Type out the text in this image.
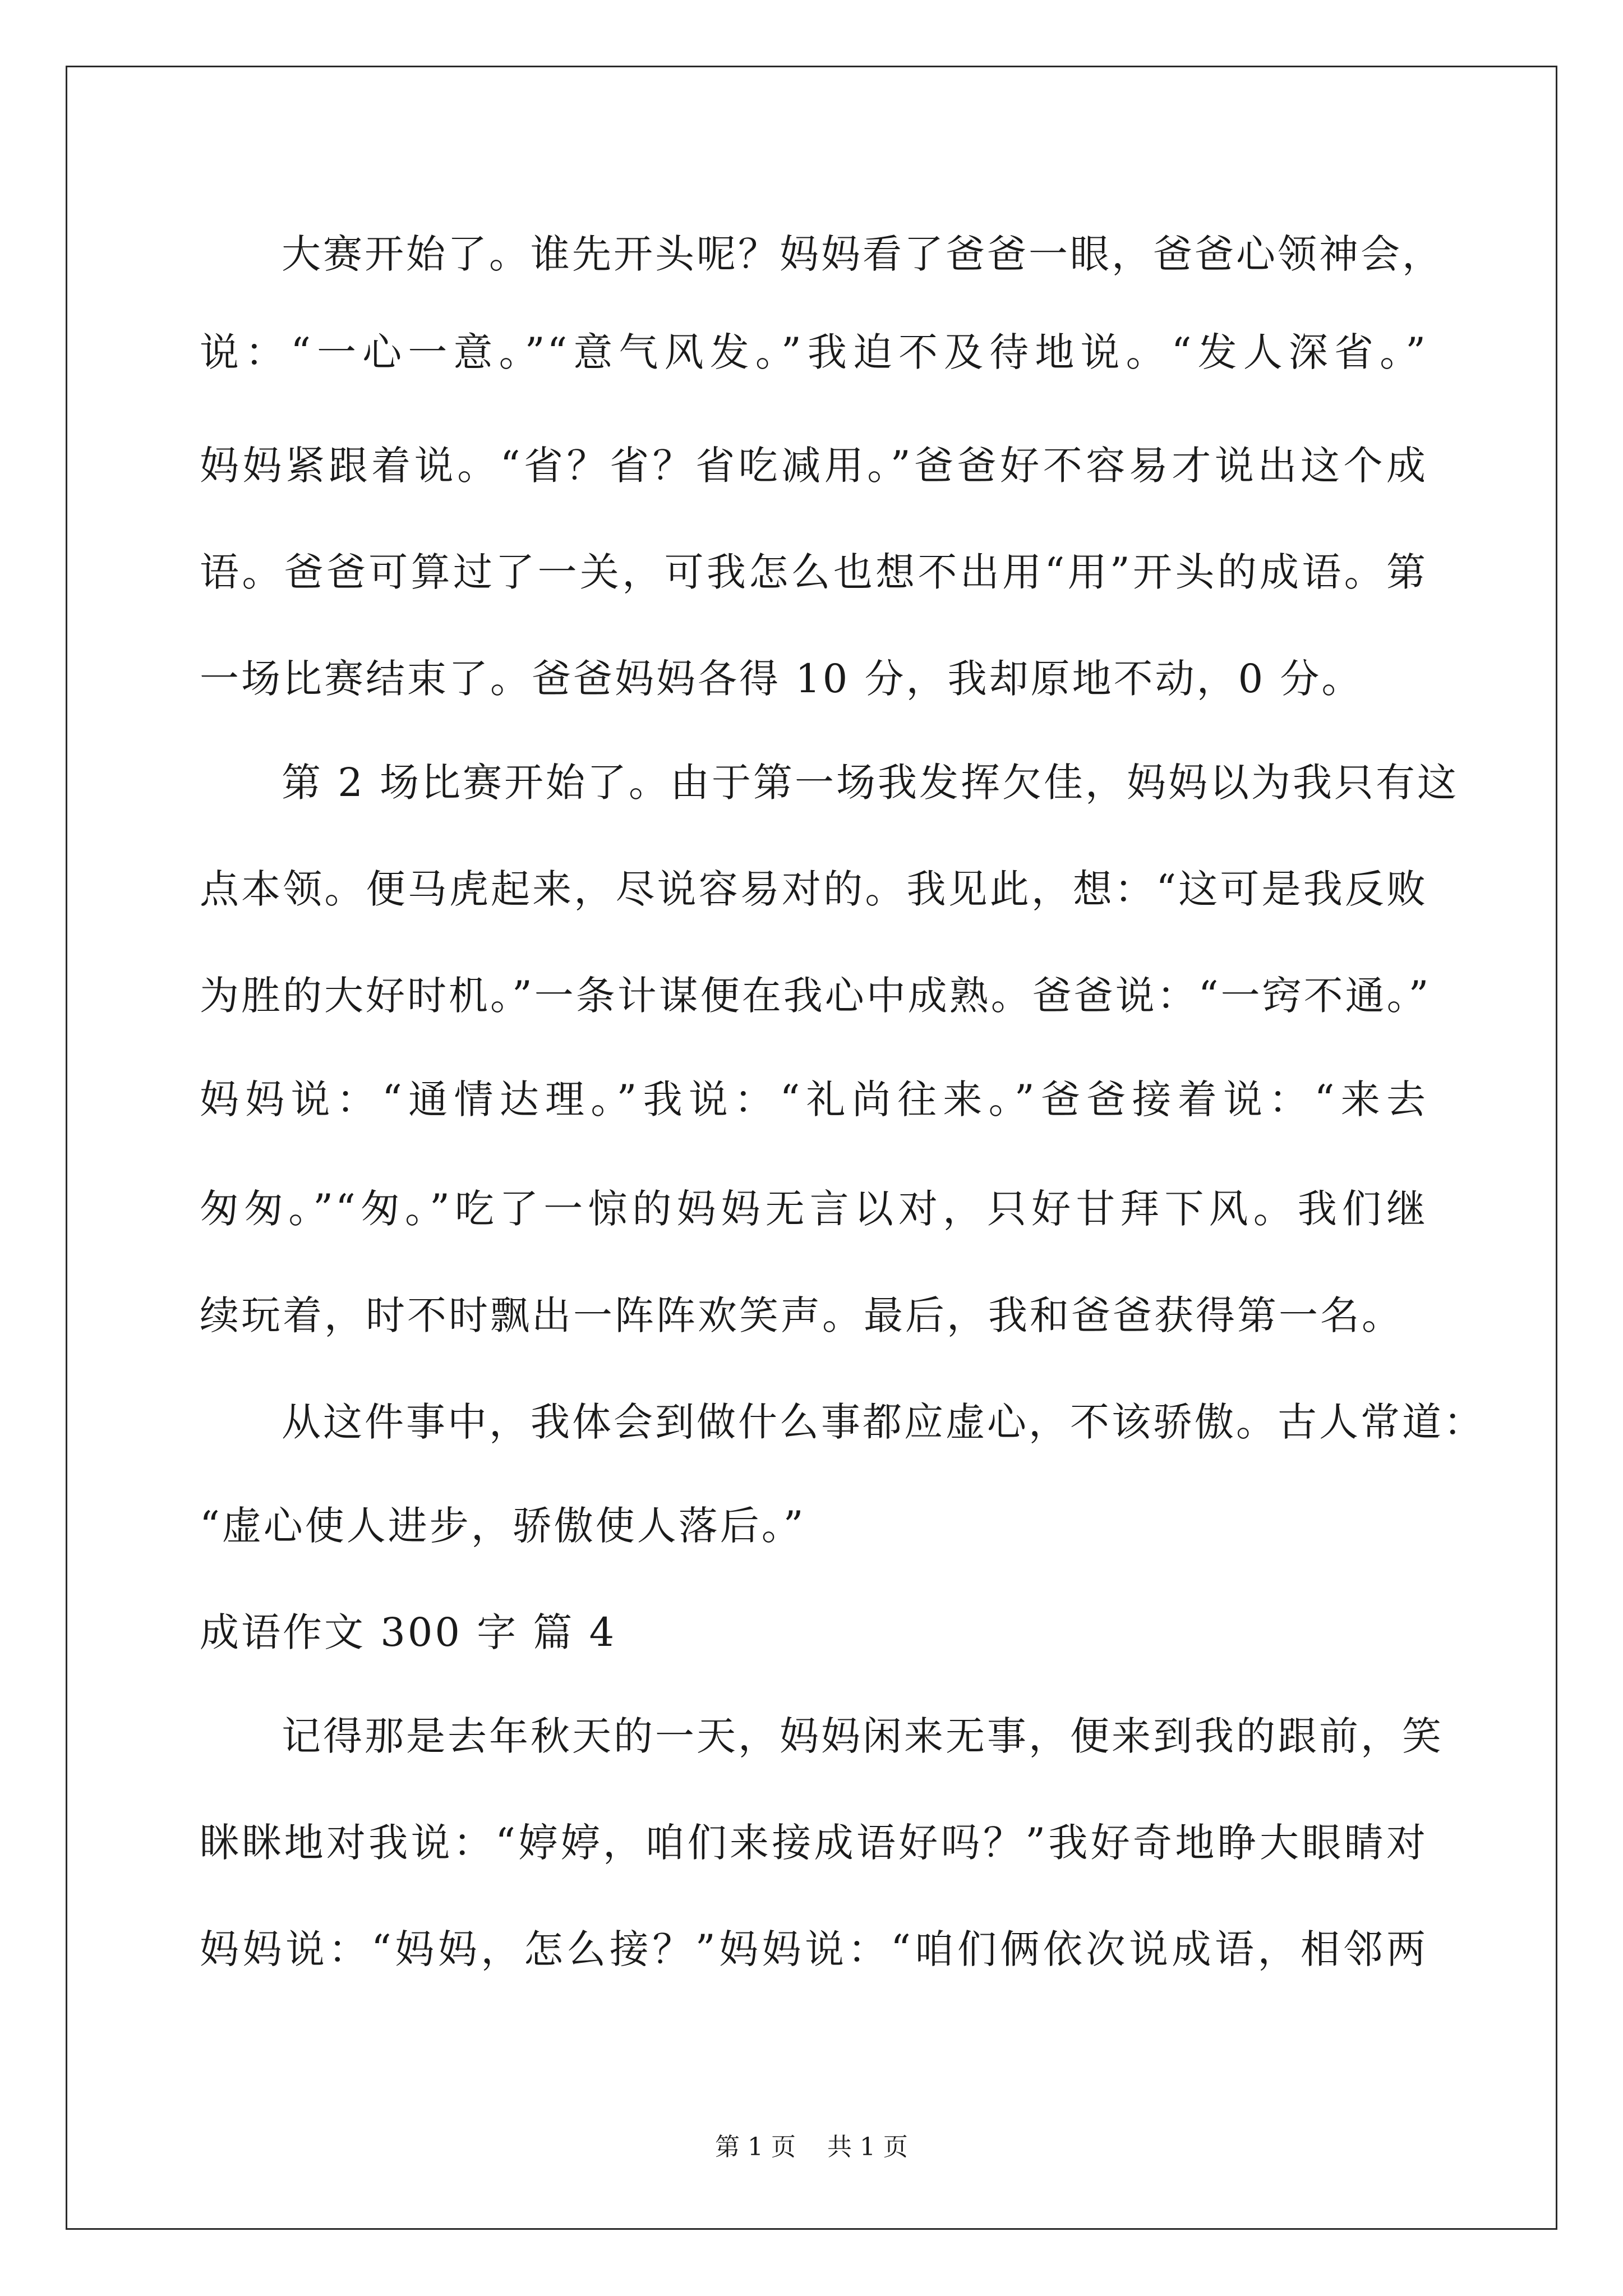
大赛开始了。谁先开头呢？妈妈看了爸爸一眼，爸爸心领神会，
说：“一心一意。”“意气风发。”我迫不及待地说。“发人深省。”
妈妈紧跟着说。“省？省？省吃减用。”爸爸好不容易才说出这个成
语。爸爸可算过了一关，可我怎么也想不出用“用”开头的成语。第
一场比赛结束了。爸爸妈妈各得 10 分，我却原地不动，0 分。
第 2 场比赛开始了。由于第一场我发挥欠佳，妈妈以为我只有这
点本领。便马虎起来，尽说容易对的。我见此，想：“这可是我反败
为胜的大好时机。”一条计谋便在我心中成熟。爸爸说：“一窍不通。”
妈妈说：“通情达理。”我说：“礼尚往来。”爸爸接着说：“来去
匆匆。”“匆。”吃了一惊的妈妈无言以对，只好甘拜下风。我们继
续玩着，时不时飘出一阵阵欢笑声。最后，我和爸爸获得第一名。
从这件事中，我体会到做什么事都应虚心，不该骄傲。古人常道：
“虚心使人进步，骄傲使人落后。”
成语作文 300 字 篇 4
记得那是去年秋天的一天，妈妈闲来无事，便来到我的跟前，笑
眯眯地对我说：“婷婷，咱们来接成语好吗？”我好奇地睁大眼睛对
妈妈说：“妈妈，怎么接？”妈妈说：“咱们俩依次说成语，相邻两
第 1 页    共 1 页
